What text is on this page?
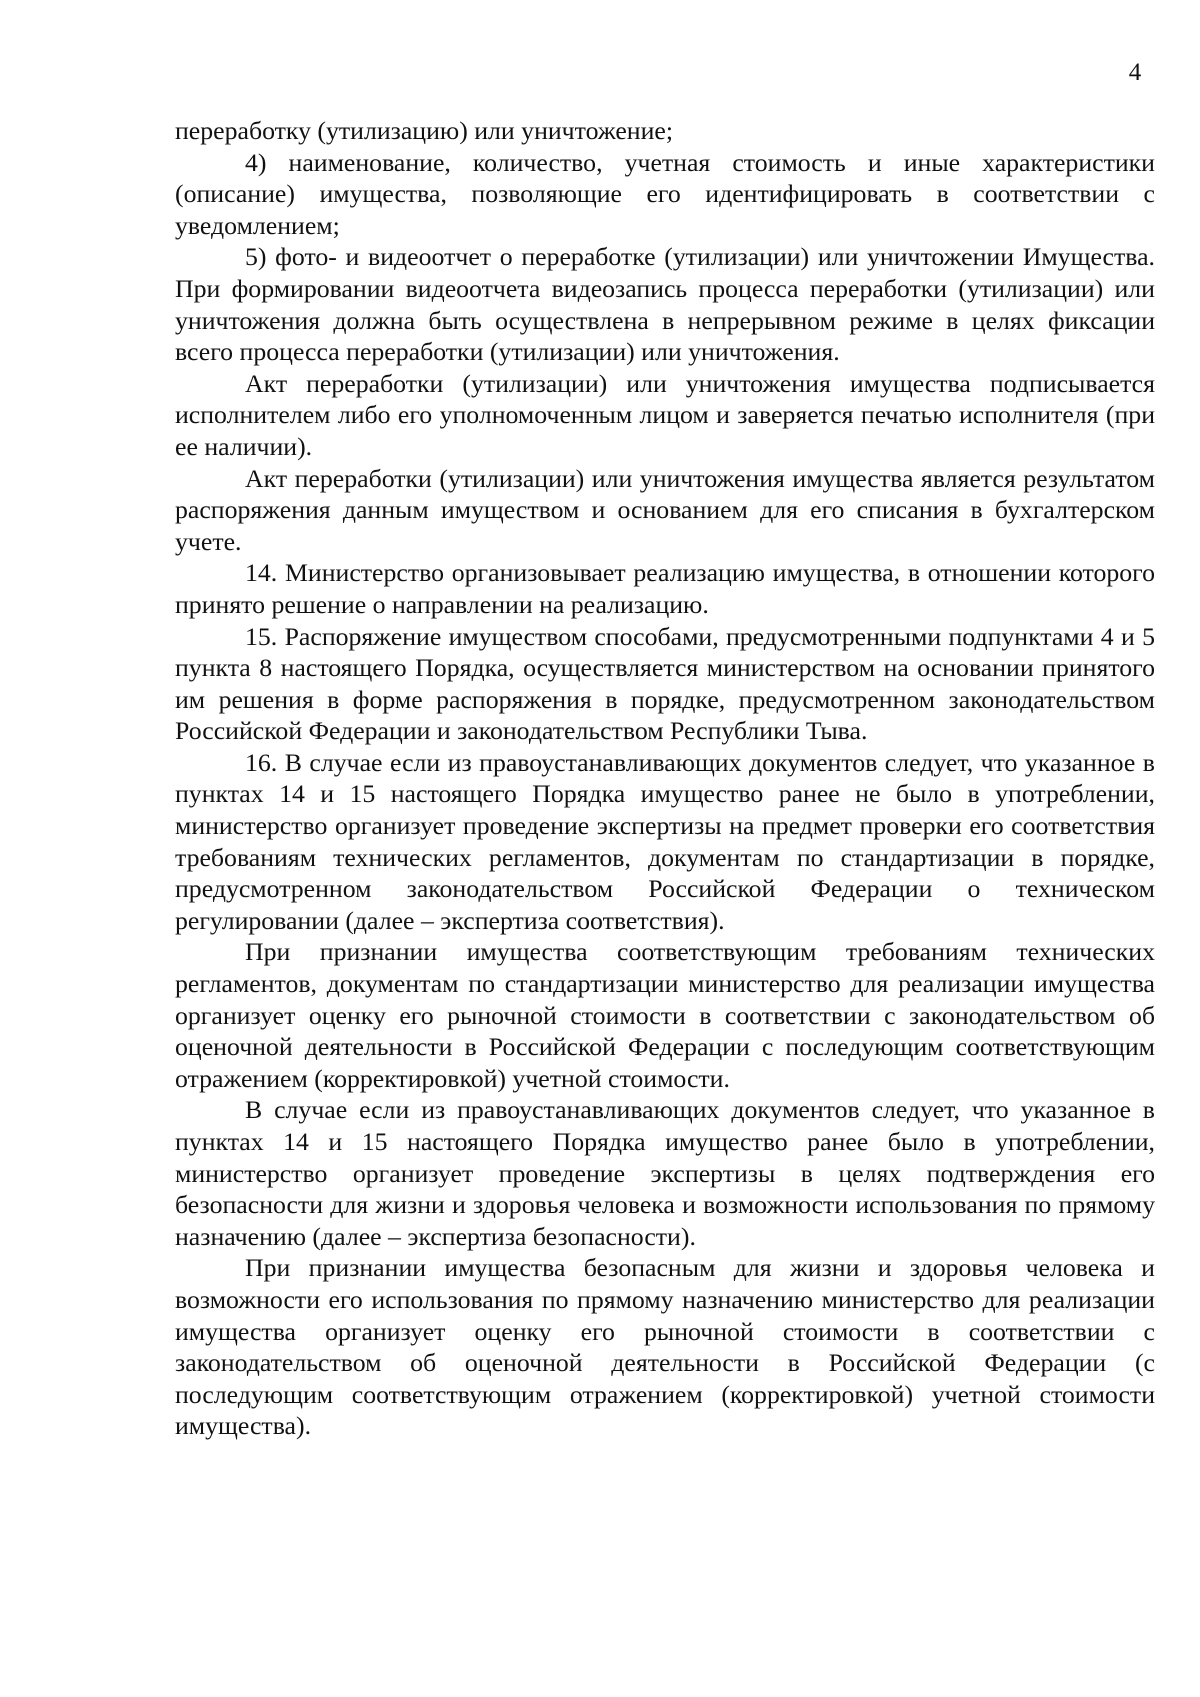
4

переработку (утилизацию) или уничтожение;

4) наименование, количество, учетная стоимость и иные характеристики (описание) имущества, позволяющие его идентифицировать в соответствии с уведомлением;

5) фото- и видеоотчет о переработке (утилизации) или уничтожении Имущества. При формировании видеоотчета видеозапись процесса переработки (утилизации) или уничтожения должна быть осуществлена в непрерывном режиме в целях фиксации всего процесса переработки (утилизации) или уничтожения.

Акт переработки (утилизации) или уничтожения имущества подписывается исполнителем либо его уполномоченным лицом и заверяется печатью исполнителя (при ее наличии).

Акт переработки (утилизации) или уничтожения имущества является результатом распоряжения данным имуществом и основанием для его списания в бухгалтерском учете.

14. Министерство организовывает реализацию имущества, в отношении которого принято решение о направлении на реализацию.

15. Распоряжение имуществом способами, предусмотренными подпунктами 4 и 5 пункта 8 настоящего Порядка, осуществляется министерством на основании принятого им решения в форме распоряжения в порядке, предусмотренном законодательством Российской Федерации и законодательством Республики Тыва.

16. В случае если из правоустанавливающих документов следует, что указанное в пунктах 14 и 15 настоящего Порядка имущество ранее не было в употреблении, министерство организует проведение экспертизы на предмет проверки его соответствия требованиям технических регламентов, документам по стандартизации в порядке, предусмотренном законодательством Российской Федерации о техническом регулировании (далее – экспертиза соответствия).

При признании имущества соответствующим требованиям технических регламентов, документам по стандартизации министерство для реализации имущества организует оценку его рыночной стоимости в соответствии с законодательством об оценочной деятельности в Российской Федерации с последующим соответствующим отражением (корректировкой) учетной стоимости.

В случае если из правоустанавливающих документов следует, что указанное в пунктах 14 и 15 настоящего Порядка имущество ранее было в употреблении, министерство организует проведение экспертизы в целях подтверждения его безопасности для жизни и здоровья человека и возможности использования по прямому назначению (далее – экспертиза безопасности).

При признании имущества безопасным для жизни и здоровья человека и возможности его использования по прямому назначению министерство для реализации имущества организует оценку его рыночной стоимости в соответствии с законодательством об оценочной деятельности в Российской Федерации (с последующим соответствующим отражением (корректировкой) учетной стоимости имущества).
